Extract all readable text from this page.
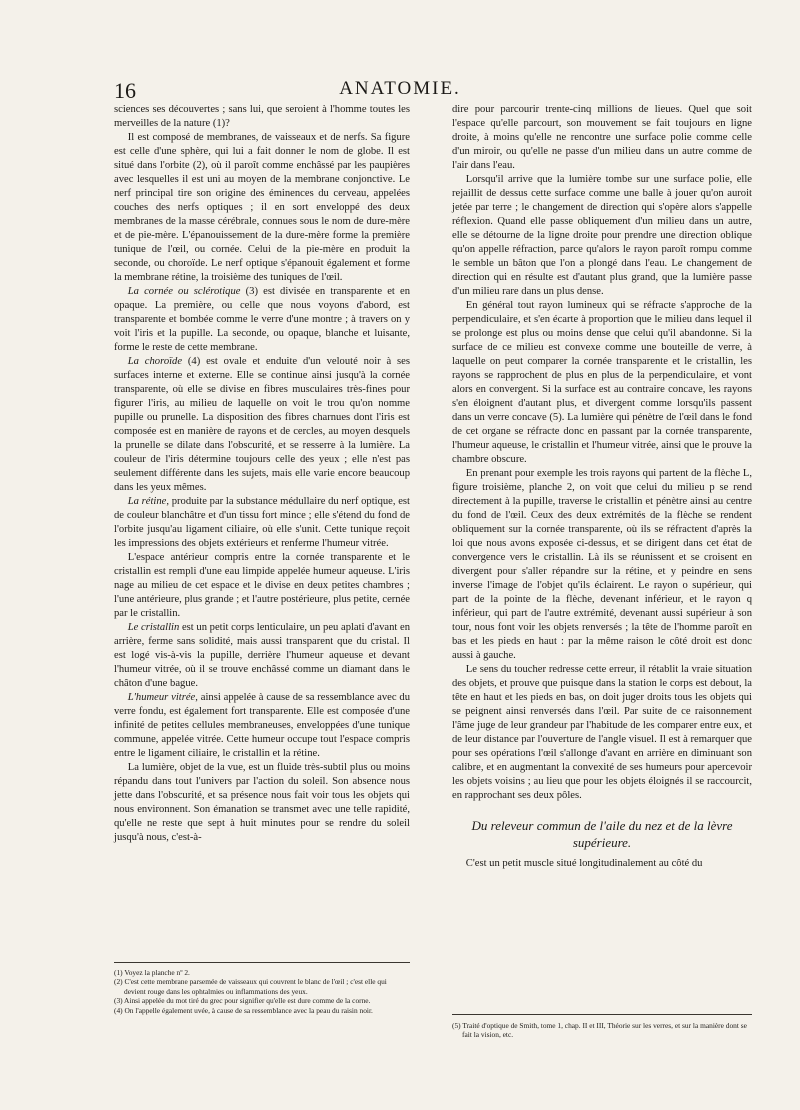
16	ANATOMIE.

sciences ses découvertes ; sans lui, que seroient à l'homme toutes les merveilles de la nature (1)?

Il est composé de membranes, de vaisseaux et de nerfs. Sa figure est celle d'une sphère, qui lui a fait donner le nom de globe. Il est situé dans l'orbite (2), où il paroît comme enchâssé par les paupières avec lesquelles il est uni au moyen de la membrane conjonctive. Le nerf principal tire son origine des éminences du cerveau, appelées couches des nerfs optiques ; il en sort enveloppé des deux membranes de la masse cérébrale, connues sous le nom de dure-mère et de pie-mère. L'épanouissement de la dure-mère forme la première tunique de l'œil, ou cornée. Celui de la pie-mère en produit la seconde, ou choroïde. Le nerf optique s'épanouit également et forme la membrane rétine, la troisième des tuniques de l'œil.

La cornée ou sclérotique (3) est divisée en transparente et en opaque. La première, ou celle que nous voyons d'abord, est transparente et bombée comme le verre d'une montre ; à travers on y voit l'iris et la pupille. La seconde, ou opaque, blanche et luisante, forme le reste de cette membrane.

La choroïde (4) est ovale et enduite d'un velouté noir à ses surfaces interne et externe. Elle se continue ainsi jusqu'à la cornée transparente, où elle se divise en fibres musculaires très-fines pour figurer l'iris, au milieu de laquelle on voit le trou qu'on nomme pupille ou prunelle. La disposition des fibres charnues dont l'iris est composée est en manière de rayons et de cercles, au moyen desquels la prunelle se dilate dans l'obscurité, et se resserre à la lumière. La couleur de l'iris détermine toujours celle des yeux ; elle n'est pas seulement différente dans les sujets, mais elle varie encore beaucoup dans les yeux mêmes.

La rétine, produite par la substance médullaire du nerf optique, est de couleur blanchâtre et d'un tissu fort mince ; elle s'étend du fond de l'orbite jusqu'au ligament ciliaire, où elle s'unit. Cette tunique reçoit les impressions des objets extérieurs et renferme l'humeur vitrée.

L'espace antérieur compris entre la cornée transparente et le cristallin est rempli d'une eau limpide appelée humeur aqueuse. L'iris nage au milieu de cet espace et le divise en deux petites chambres ; l'une antérieure, plus grande ; et l'autre postérieure, plus petite, cernée par le cristallin.

Le cristallin est un petit corps lenticulaire, un peu aplati d'avant en arrière, ferme sans solidité, mais aussi transparent que du cristal. Il est logé vis-à-vis la pupille, derrière l'humeur aqueuse et devant l'humeur vitrée, où il se trouve enchâssé comme un diamant dans le châton d'une bague.

L'humeur vitrée, ainsi appelée à cause de sa ressemblance avec du verre fondu, est également fort transparente. Elle est composée d'une infinité de petites cellules membraneuses, enveloppées d'une tunique commune, appelée vitrée. Cette humeur occupe tout l'espace compris entre le ligament ciliaire, le cristallin et la rétine.

La lumière, objet de la vue, est un fluide très-subtil plus ou moins répandu dans tout l'univers par l'action du soleil. Son absence nous jette dans l'obscurité, et sa présence nous fait voir tous les objets qui nous environnent. Son émanation se transmet avec une telle rapidité, qu'elle ne reste que sept à huit minutes pour se rendre du soleil jusqu'à nous, c'est-à-

(1) Voyez la planche nº 2.
(2) C'est cette membrane parsemée de vaisseaux qui couvrent le blanc de l'œil ; c'est elle qui devient rouge dans les ophtalmies ou inflammations des yeux.
(3) Ainsi appelée du mot tiré du grec pour signifier qu'elle est dure comme de la corne.
(4) On l'appelle également uvée, à cause de sa ressemblance avec la peau du raisin noir.

dire pour parcourir trente-cinq millions de lieues. Quel que soit l'espace qu'elle parcourt, son mouvement se fait toujours en ligne droite, à moins qu'elle ne rencontre une surface polie comme celle d'un miroir, ou qu'elle ne passe d'un milieu dans un autre comme de l'air dans l'eau.

Lorsqu'il arrive que la lumière tombe sur une surface polie, elle rejaillit de dessus cette surface comme une balle à jouer qu'on auroit jetée par terre ; le changement de direction qui s'opère alors s'appelle réflexion. Quand elle passe obliquement d'un milieu dans un autre, elle se détourne de la ligne droite pour prendre une direction oblique qu'on appelle réfraction, parce qu'alors le rayon paroît rompu comme le semble un bâton que l'on a plongé dans l'eau. Le changement de direction qui en résulte est d'autant plus grand, que la lumière passe d'un milieu rare dans un plus dense.

En général tout rayon lumineux qui se réfracte s'approche de la perpendiculaire, et s'en écarte à proportion que le milieu dans lequel il se prolonge est plus ou moins dense que celui qu'il abandonne. Si la surface de ce milieu est convexe comme une bouteille de verre, à laquelle on peut comparer la cornée transparente et le cristallin, les rayons se rapprochent de plus en plus de la perpendiculaire, et vont alors en convergent. Si la surface est au contraire concave, les rayons s'en éloignent d'autant plus, et divergent comme lorsqu'ils passent dans un verre concave (5). La lumière qui pénètre de l'œil dans le fond de cet organe se réfracte donc en passant par la cornée transparente, l'humeur aqueuse, le cristallin et l'humeur vitrée, ainsi que le prouve la chambre obscure.

En prenant pour exemple les trois rayons qui partent de la flèche L, figure troisième, planche 2, on voit que celui du milieu p se rend directement à la pupille, traverse le cristallin et pénètre ainsi au centre du fond de l'œil. Ceux des deux extrémités de la flèche se rendent obliquement sur la cornée transparente, où ils se réfractent d'après la loi que nous avons exposée ci-dessus, et se dirigent dans cet état de convergence vers le cristallin. Là ils se réunissent et se croisent en divergent pour s'aller répandre sur la rétine, et y peindre en sens inverse l'image de l'objet qu'ils éclairent. Le rayon o supérieur, qui part de la pointe de la flèche, devenant inférieur, et le rayon q inférieur, qui part de l'autre extrémité, devenant aussi supérieur à son tour, nous font voir les objets renversés ; la tête de l'homme paroît en bas et les pieds en haut : par la même raison le côté droit est donc aussi à gauche.

Le sens du toucher redresse cette erreur, il rétablit la vraie situation des objets, et prouve que puisque dans la station le corps est debout, la tête en haut et les pieds en bas, on doit juger droits tous les objets qui se peignent ainsi renversés dans l'œil. Par suite de ce raisonnement l'âme juge de leur grandeur par l'habitude de les comparer entre eux, et de leur distance par l'ouverture de l'angle visuel. Il est à remarquer que pour ses opérations l'œil s'allonge d'avant en arrière en diminuant son calibre, et en augmentant la convexité de ses humeurs pour apercevoir les objets voisins ; au lieu que pour les objets éloignés il se raccourcit, en rapprochant ses deux pôles.

Du releveur commun de l'aile du nez et de la lèvre supérieure.

C'est un petit muscle situé longitudinalement au côté du

(5) Traité d'optique de Smith, tome 1, chap. II et III, Théorie sur les verres, et sur la manière dont se fait la vision, etc.
